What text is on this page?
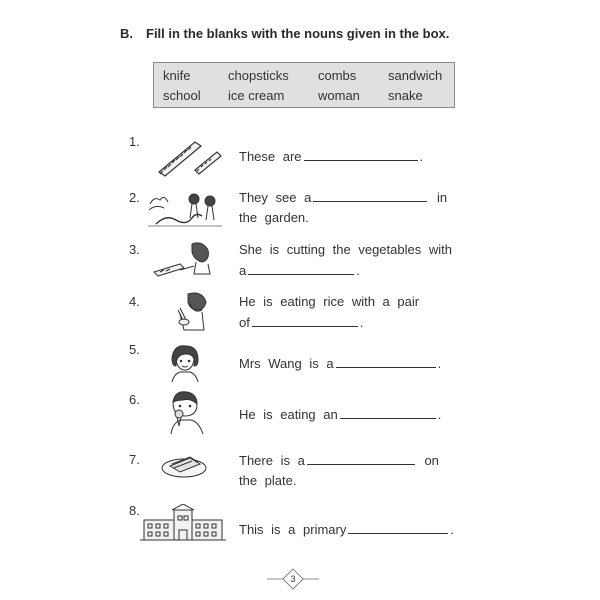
B. Fill in the blanks with the nouns given in the box.
knife	chopsticks combs sandwich
school ice cream	woman snake
1.
These are	.
2.	They see a	in
the garden.
3.	She is cutting the vegetables with
a	.
4.	He is eating rice with a pair
of	.
5.
Mrs Wang is a	.
6.
He is eating an	.
7.	There is a	on
the plate.
8.
This is a primary	.
3
